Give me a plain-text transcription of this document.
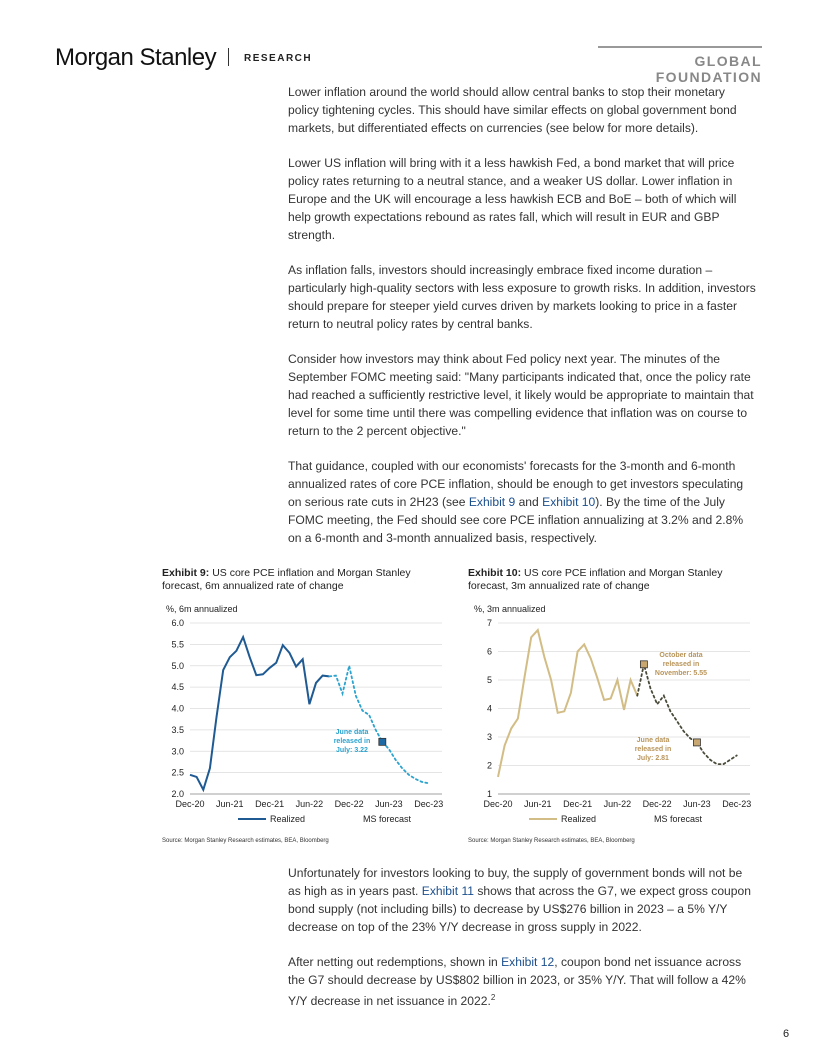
Morgan Stanley	RESEARCH	GLOBAL FOUNDATION

Lower inflation around the world should allow central banks to stop their monetary policy tightening cycles. This should have similar effects on global government bond markets, but differentiated effects on currencies (see below for more details).

Lower US inflation will bring with it a less hawkish Fed, a bond market that will price policy rates returning to a neutral stance, and a weaker US dollar. Lower inflation in Europe and the UK will encourage a less hawkish ECB and BoE – both of which will help growth expectations rebound as rates fall, which will result in EUR and GBP strength.

As inflation falls, investors should increasingly embrace fixed income duration – particularly high-quality sectors with less exposure to growth risks. In addition, investors should prepare for steeper yield curves driven by markets looking to price in a faster return to neutral policy rates by central banks.

Consider how investors may think about Fed policy next year. The minutes of the September FOMC meeting said: "Many participants indicated that, once the policy rate had reached a sufficiently restrictive level, it likely would be appropriate to maintain that level for some time until there was compelling evidence that inflation was on course to return to the 2 percent objective."

That guidance, coupled with our economists' forecasts for the 3-month and 6-month annualized rates of core PCE inflation, should be enough to get investors speculating on serious rate cuts in 2H23 (see Exhibit 9 and Exhibit 10). By the time of the July FOMC meeting, the Fed should see core PCE inflation annualizing at 3.2% and 2.8% on a 6-month and 3-month annualized basis, respectively.

Exhibit 9: US core PCE inflation and Morgan Stanley forecast, 6m annualized rate of change
%, 6m annualized
2.0
2.5
3.0
3.5
4.0
4.5
5.0
5.5
6.0
Dec-20 Jun-21 Dec-21 Jun-22 Dec-22 Jun-23 Dec-23
Realized	MS forecast
June data
released in
July: 3.22
Source: Morgan Stanley Research estimates, BEA, Bloomberg
Exhibit 10: US core PCE inflation and Morgan Stanley forecast, 3m annualized rate of change
%, 3m annualized
1
2
3
4
5
6
7
Dec-20 Jun-21 Dec-21 Jun-22 Dec-22 Jun-23 Dec-23
Realized	MS forecast
October data
released in
November: 5.55
June data
released in
July: 2.81
Source: Morgan Stanley Research estimates, BEA, Bloomberg

Unfortunately for investors looking to buy, the supply of government bonds will not be as high as in years past. Exhibit 11 shows that across the G7, we expect gross coupon bond supply (not including bills) to decrease by US$276 billion in 2023 – a 5% Y/Y decrease on top of the 23% Y/Y decrease in gross supply in 2022.

After netting out redemptions, shown in Exhibit 12, coupon bond net issuance across the G7 should decrease by US$802 billion in 2023, or 35% Y/Y. That will follow a 42% Y/Y decrease in net issuance in 2022.$^2$

6
